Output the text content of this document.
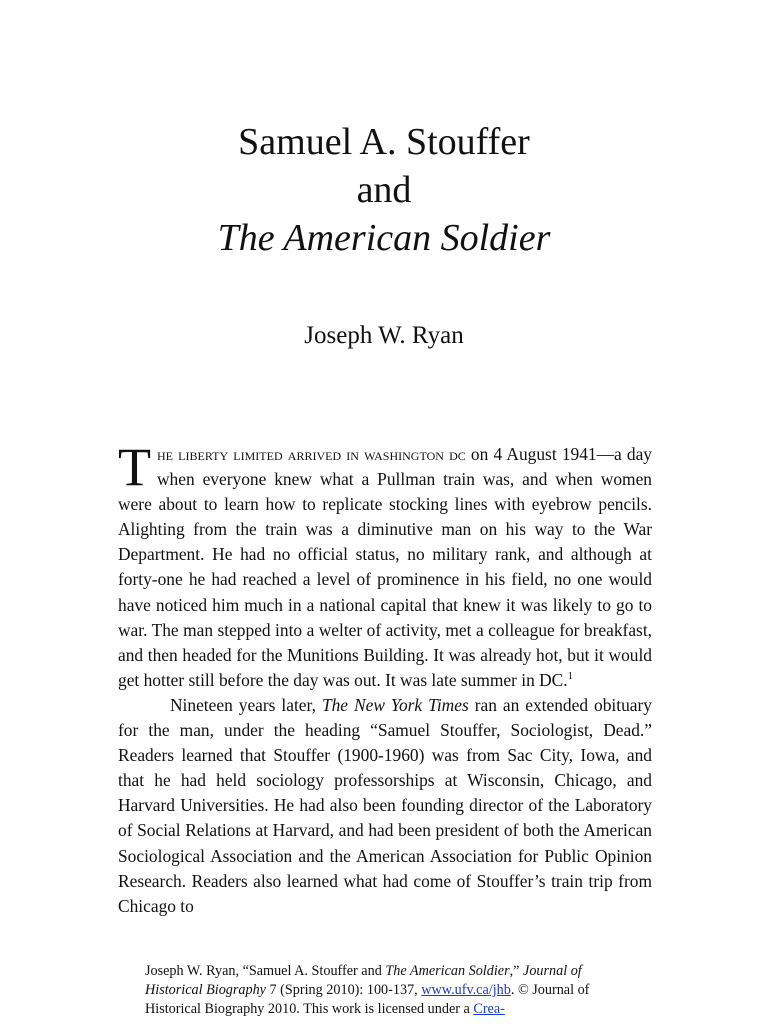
Samuel A. Stouffer
and
The American Soldier
Joseph W. Ryan

The liberty limited arrived in washington dc on 4 August 1941—a day when everyone knew what a Pullman train was, and when women were about to learn how to replicate stocking lines with eyebrow pencils. Alighting from the train was a diminutive man on his way to the War Department. He had no official status, no military rank, and although at forty-one he had reached a level of prominence in his field, no one would have noticed him much in a national capital that knew it was likely to go to war. The man stepped into a welter of activity, met a colleague for breakfast, and then headed for the Munitions Building. It was already hot, but it would get hotter still before the day was out. It was late summer in DC.$^1$

Nineteen years later, The New York Times ran an extended obituary for the man, under the heading “Samuel Stouffer, Sociologist, Dead.” Readers learned that Stouffer (1900-1960) was from Sac City, Iowa, and that he had held sociology professorships at Wisconsin, Chicago, and Harvard Universities. He had also been founding director of the Laboratory of Social Relations at Harvard, and had been president of both the American Sociological Association and the American Association for Public Opinion Research. Readers also learned what had come of Stouffer’s train trip from Chicago to

Joseph W. Ryan, “Samuel A. Stouffer and The American Soldier,” Journal of Historical Biography 7 (Spring 2010): 100-137, www.ufv.ca/jhb. © Journal of Historical Biography 2010. This work is licensed under a Crea-
